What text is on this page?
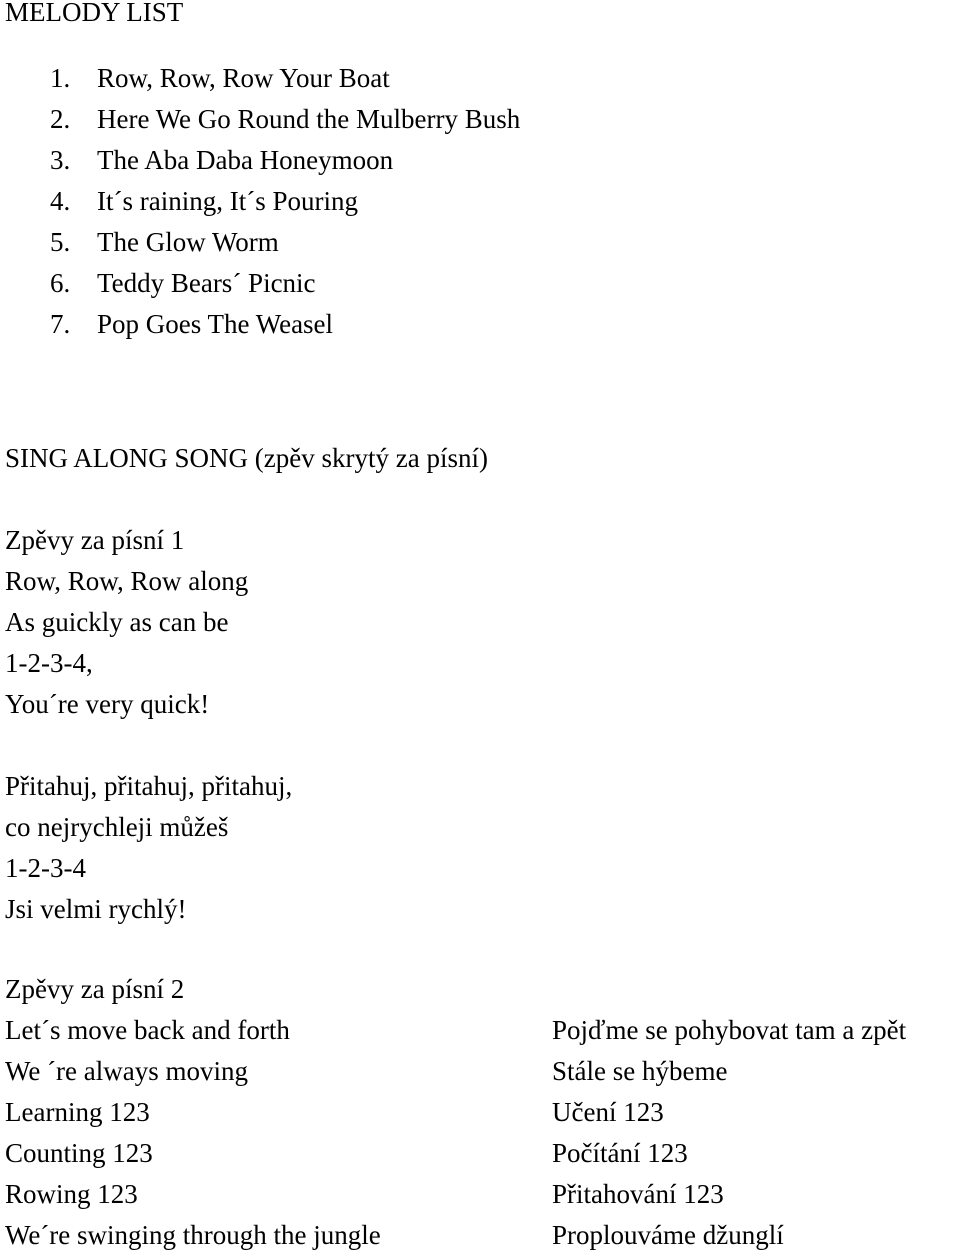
MELODY LIST
1. Row, Row, Row Your Boat
2. Here We Go Round the Mulberry Bush
3. The Aba Daba Honeymoon
4. It´s raining, It´s Pouring
5. The Glow Worm
6. Teddy Bears´ Picnic
7. Pop Goes The Weasel
SING ALONG SONG (zpěv skrytý za písní)
Zpěvy za písní 1
Row, Row, Row along
As guickly as can be
1-2-3-4,
You´re very quick!
Přitahuj, přitahuj, přitahuj,
co nejrychleji můžeš
1-2-3-4
Jsi velmi rychlý!
Zpěvy za písní 2
Let´s move back and forth	Pojďme se pohybovat tam a zpět
We ´re always moving	Stále se hýbeme
Learning 123	Učení 123
Counting 123	Počítání 123
Rowing 123	Přitahování 123
We´re swinging through the jungle	Proplouváme džunglí
